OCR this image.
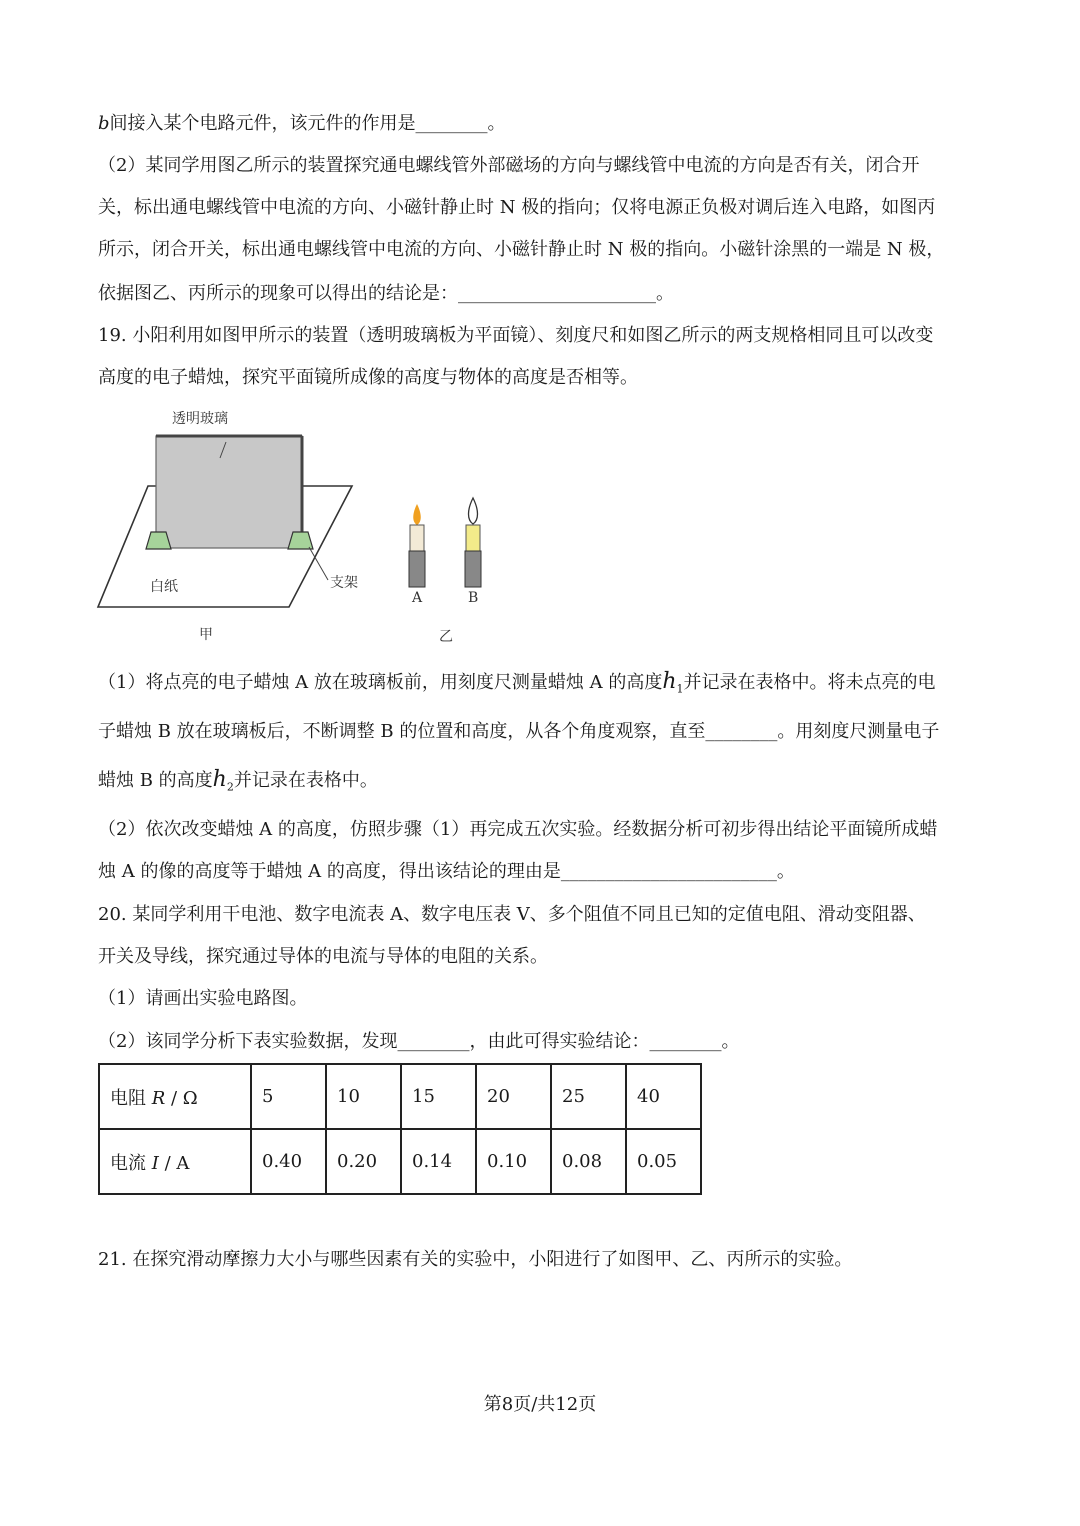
b间接入某个电路元件，该元件的作用是________。
（2）某同学用图乙所示的装置探究通电螺线管外部磁场的方向与螺线管中电流的方向是否有关，闭合开
关，标出通电螺线管中电流的方向、小磁针静止时 N 极的指向；仅将电源正负极对调后连入电路，如图丙
所示，闭合开关，标出通电螺线管中电流的方向、小磁针静止时 N 极的指向。小磁针涂黑的一端是 N 极，
依据图乙、丙所示的现象可以得出的结论是：______________________。
19. 小阳利用如图甲所示的装置（透明玻璃板为平面镜）、刻度尺和如图乙所示的两支规格相同且可以改变
高度的电子蜡烛，探究平面镜所成像的高度与物体的高度是否相等。
透明玻璃
白纸	支架
甲
A	B
乙
（1）将点亮的电子蜡烛 A 放在玻璃板前，用刻度尺测量蜡烛 A 的高度$h_1$并记录在表格中。将未点亮的电
子蜡烛 B 放在玻璃板后，不断调整 B 的位置和高度，从各个角度观察，直至________。用刻度尺测量电子
蜡烛 B 的高度$h_2$并记录在表格中。
（2）依次改变蜡烛 A 的高度，仿照步骤（1）再完成五次实验。经数据分析可初步得出结论平面镜所成蜡
烛 A 的像的高度等于蜡烛 A 的高度，得出该结论的理由是________________________。
20. 某同学利用干电池、数字电流表 A、数字电压表 V、多个阻值不同且已知的定值电阻、滑动变阻器、
开关及导线，探究通过导体的电流与导体的电阻的关系。
（1）请画出实验电路图。
（2）该同学分析下表实验数据，发现________，由此可得实验结论：________。
电阻 R / Ω	5	10	15	20	25	40
电流 I / A	0.40	0.20	0.14	0.10	0.08	0.05
21. 在探究滑动摩擦力大小与哪些因素有关的实验中，小阳进行了如图甲、乙、丙所示的实验。
第8页/共12页
